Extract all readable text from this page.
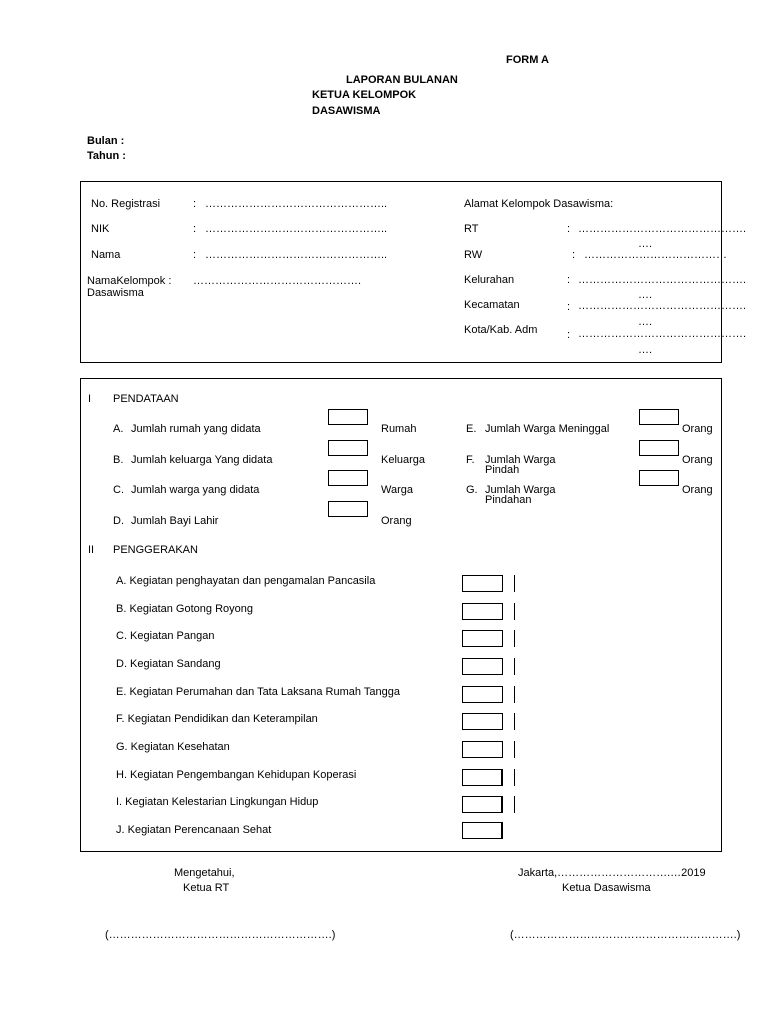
FORM A
LAPORAN BULANAN
KETUA KELOMPOK
DASAWISMA
Bulan :
Tahun :
No. Registrasi	: …………………………………………..
NIK	: …………………………………………..
Nama	: …………………………………………..
NamaKelompok :
Dasawisma
……………………………………….
Alamat Kelompok Dasawisma:
RT	: ……………………………………….
….
RW	: …………………………………
Kelurahan	: ……………………………………….
….
Kecamatan	: ……………………………………….
….
Kota/Kab. Adm	: ……………………………………….
….
I PENDATAAN
A. Jumlah rumah yang didata	Rumah
B. Jumlah keluarga Yang didata	Keluarga
C. Jumlah warga yang didata	Warga
D. Jumlah Bayi Lahir	Orang
E. Jumlah Warga Meninggal	Orang
F. Jumlah Warga
Pindah
Orang
G. Jumlah Warga
Pindahan
Orang
II PENGGERAKAN
A. Kegiatan penghayatan dan pengamalan Pancasila
B. Kegiatan Gotong Royong
C. Kegiatan Pangan
D. Kegiatan Sandang
E. Kegiatan Perumahan dan Tata Laksana Rumah Tangga
F. Kegiatan Pendidikan dan Keterampilan
G. Kegiatan Kesehatan
H. Kegiatan Pengembangan Kehidupan Koperasi
I. Kegiatan Kelestarian Lingkungan Hidup
J. Kegiatan Perencanaan Sehat
Mengetahui,
Ketua RT
(…………………………………………………….)
Jakarta,………………………….…2019
Ketua Dasawisma
(…………………………………………………….)
